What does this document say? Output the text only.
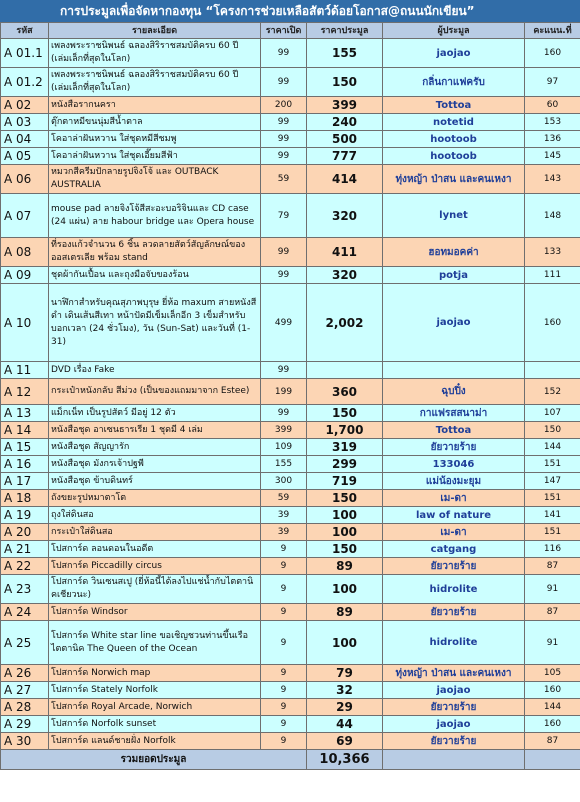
การประมูลเพื่อจัดหากองทุน “โครงการช่วยเหลือสัตว์ด้อยโอกาส@ถนนนักเขียน”
รหัส	รายละเอียด	ราคาเปิด	ราคาประมูล	ผู้ประมูล	คะแนน.ที่
A 01.1	เพลงพระราชนิพนธ์ ฉลองสิริราชสมบัติครบ 60 ปี (เล่มเล็กที่สุดในโลก)	99	155	jaojao	160
A 01.2	เพลงพระราชนิพนธ์ ฉลองสิริราชสมบัติครบ 60 ปี (เล่มเล็กที่สุดในโลก)	99	150	กลิ่นกาแฟครับ	97
A 02	หนังสือรากนครา	200	399	Tottoa	60
A 03	ตุ๊กตาหมีขนนุ่มสีน้ำตาล	99	240	notetid	153
A 04	โคอาล่าฝันหวาน ใส่ชุดหมีสีชมพู	99	500	hootoob	136
A 05	โคอาล่าฝันหวาน ใส่ชุดเอี๊ยมสีฟ้า	99	777	hootoob	145
A 06	หมวกสีครีมปักลายรูปจิงโจ้ และ OUTBACK AUSTRALIA	59	414	ทุ่งหญ้า ป่าสน และคนเหงา	143
A 07	mouse pad ลายจิงโจ้สีสะอะบอริจินและ CD case (24 แผ่น) ลาย habour bridge และ Opera house	79	320	lynet	148
A 08	ที่รองแก้วจำนวน 6 ชิ้น ลวดลายสัตว์สัญลักษณ์ของออสเตรเลีย พร้อม stand	99	411	ฮอทมอคค่า	133
A 09	ชุดผ้ากันเปื้อน และถุงมือจับของร้อน	99	320	potja	111
A 10	นาฬิกาสำหรับคุณสุภาพบุรุษ ยี่ห้อ maxum สายหนังสีดำ เดินเส้นสีเทา หน้าปัดมีเข็มเล็กอีก 3 เข็มสำหรับบอกเวลา (24 ชั่วโมง), วัน (Sun-Sat) และวันที่ (1-31)	499	2,002	jaojao	160
A 11	DVD เรื่อง Fake	99			
A 12	กระเป๋าหนังกลับ สีม่วง (เป็นของแถมมาจาก Estee)	199	360	ฉุบปิ๋ง	152
A 13	แม็กเน็ท เป็นรูปสัตว์ มีอยู่ 12 ตัว	99	150	กาแฟรสสนาม่า	107
A 14	หนังสือชุด อาเซนธารเรีย 1 ชุดมี 4 เล่ม	399	1,700	Tottoa	150
A 15	หนังสือชุด สัญญารัก	109	319	ยัยวายร้าย	144
A 16	หนังสือชุด มังกรเจ้าปฐพี	155	299	133046	151
A 17	หนังสือชุด ข้าบดินทร์	300	719	แม่น้องมะยุม	147
A 18	ถังขยะรูปหมาตาโต	59	150	เม-ดา	151
A 19	ถุงใส่ดินสอ	39	100	law of nature	141
A 20	กระเป๋าใส่ดินสอ	39	100	เม-ดา	151
A 21	โปสการ์ด ลอนดอนในอดีต	9	150	catgang	116
A 22	โปสการ์ด Piccadilly circus	9	89	ยัยวายร้าย	87
A 23	โปสการ์ด วินเซนสเปู (ยี่ห้อนี้ได้ลงไปแช่น้ำกับไตตานิคเชียวนะ)	9	100	hidrolite	91
A 24	โปสการ์ด Windsor	9	89	ยัยวายร้าย	87
A 25	โปสการ์ด White star line ขอเชิญชวนท่านขึ้นเรือไตตานิค The Queen of the Ocean	9	100	hidrolite	91
A 26	โปสการ์ด Norwich map	9	79	ทุ่งหญ้า ป่าสน และคนเหงา	105
A 27	โปสการ์ด Stately Norfolk	9	32	jaojao	160
A 28	โปสการ์ด Royal Arcade, Norwich	9	29	ยัยวายร้าย	144
A 29	โปสการ์ด Norfolk sunset	9	44	jaojao	160
A 30	โปสการ์ด แลนด์ชายฝั่ง Norfolk	9	69	ยัยวายร้าย	87
รวมยอดประมูล			10,366		
